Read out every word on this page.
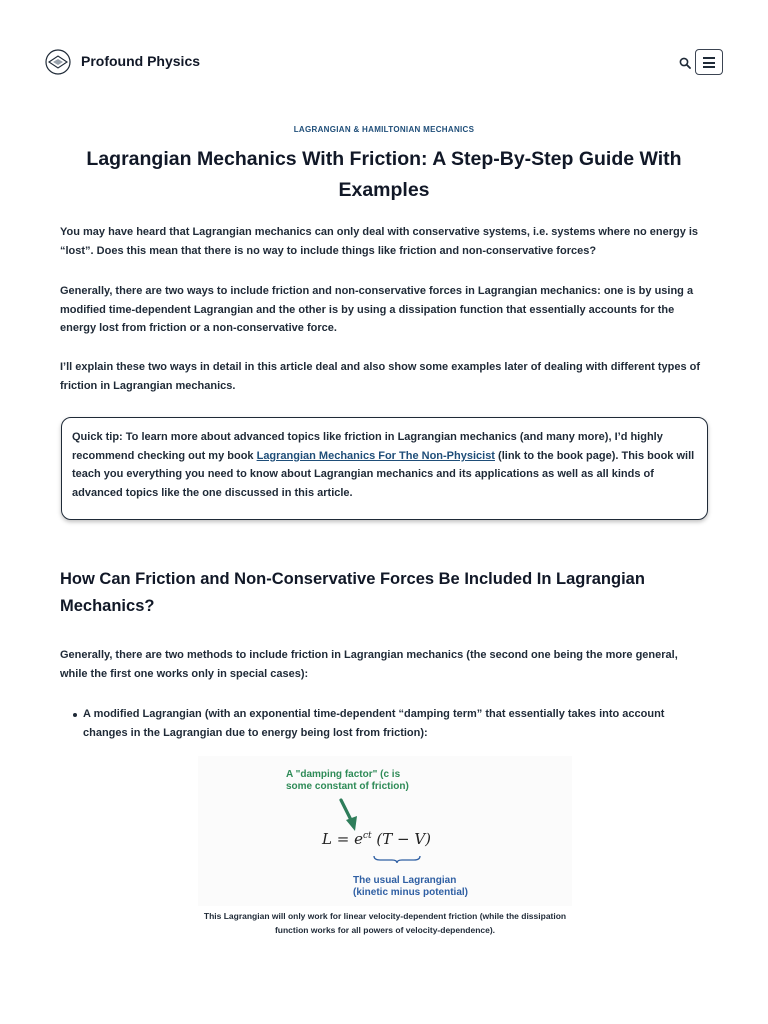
Profound Physics
LAGRANGIAN & HAMILTONIAN MECHANICS
Lagrangian Mechanics With Friction: A Step-By-Step Guide With Examples

You may have heard that Lagrangian mechanics can only deal with conservative systems, i.e. systems where no energy is “lost”. Does this mean that there is no way to include things like friction and non-conservative forces?

Generally, there are two ways to include friction and non-conservative forces in Lagrangian mechanics: one is by using a modified time-dependent Lagrangian and the other is by using a dissipation function that essentially accounts for the energy lost from friction or a non-conservative force.

I’ll explain these two ways in detail in this article deal and also show some examples later of dealing with different types of friction in Lagrangian mechanics.

Quick tip: To learn more about advanced topics like friction in Lagrangian mechanics (and many more), I’d highly recommend checking out my book Lagrangian Mechanics For The Non-Physicist (link to the book page). This book will teach you everything you need to know about Lagrangian mechanics and its applications as well as all kinds of advanced topics like the one discussed in this article.
How Can Friction and Non-Conservative Forces Be Included In Lagrangian Mechanics?

Generally, there are two methods to include friction in Lagrangian mechanics (the second one being the more general, while the first one works only in special cases):

A modified Lagrangian (with an exponential time-dependent “damping term” that essentially takes into account changes in the Lagrangian due to energy being lost from friction):
A "damping factor" (c is
some constant of friction)
$L = e^{ct}$ (T − V)
The usual Lagrangian
(kinetic minus potential)
This Lagrangian will only work for linear velocity-dependent friction (while the dissipation function works for all powers of velocity-dependence).
